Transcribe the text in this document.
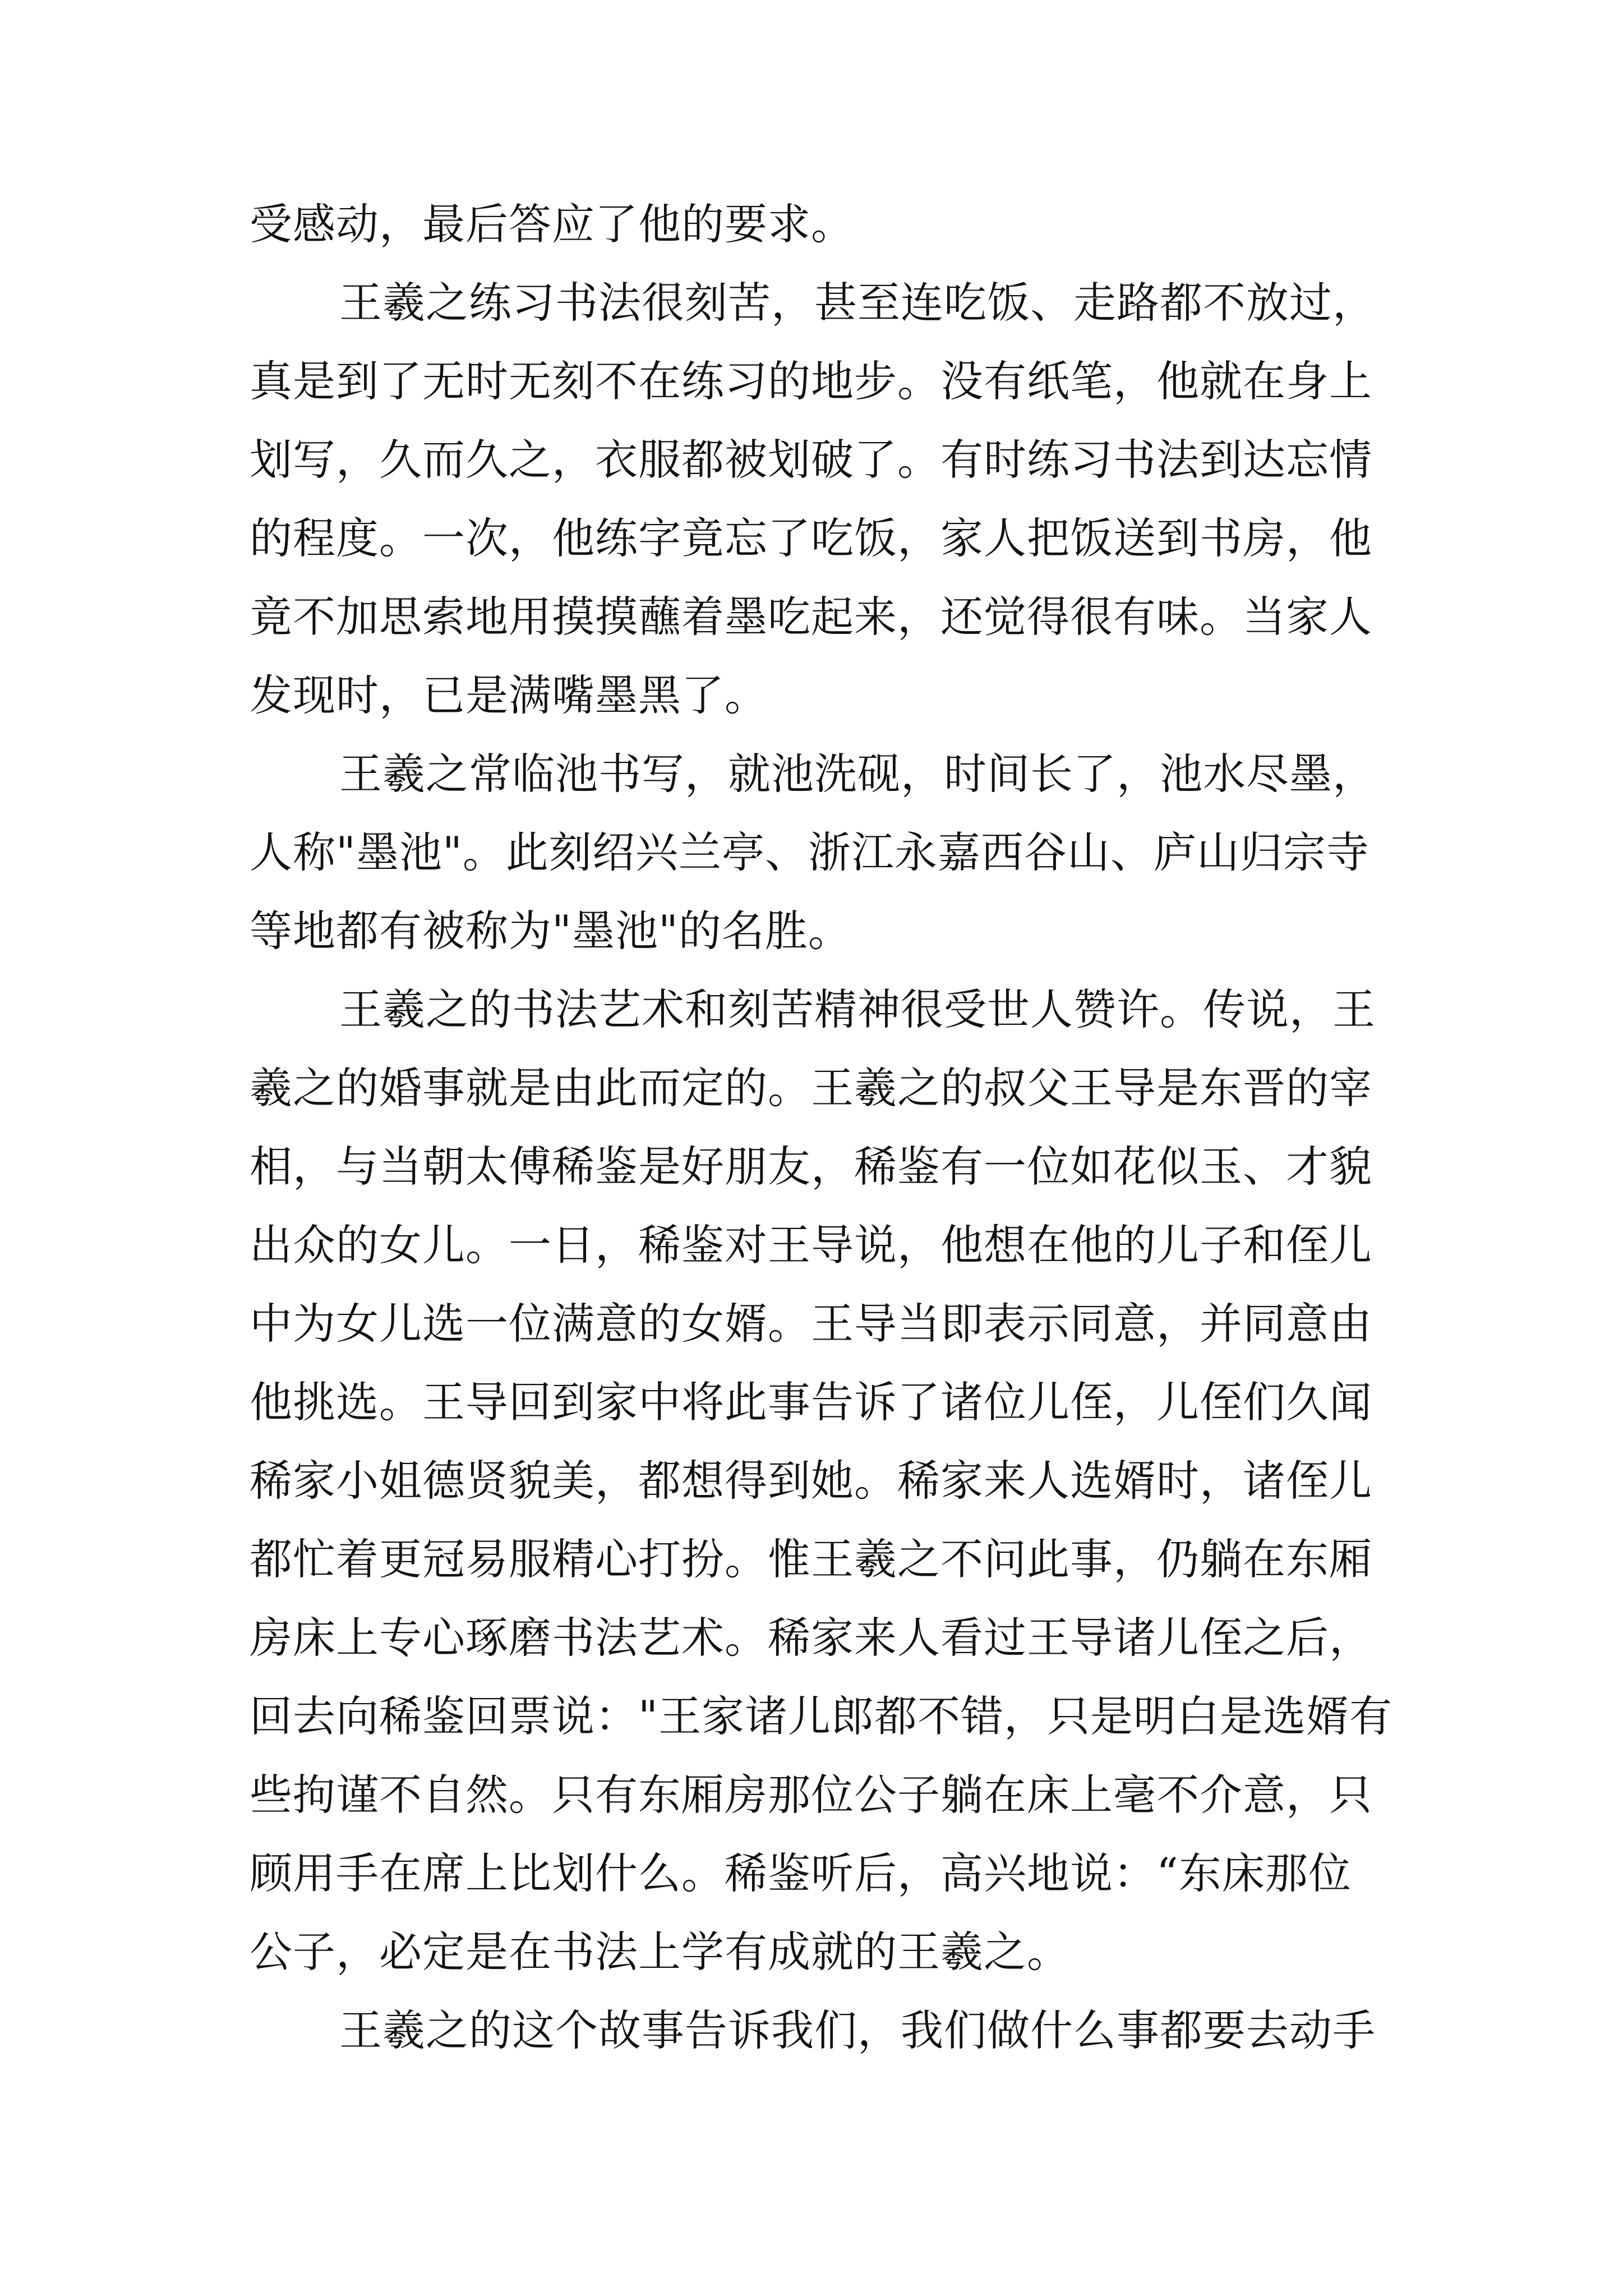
受感动，最后答应了他的要求。
王羲之练习书法很刻苦，甚至连吃饭、走路都不放过，
真是到了无时无刻不在练习的地步。没有纸笔，他就在身上
划写，久而久之，衣服都被划破了。有时练习书法到达忘情
的程度。一次，他练字竟忘了吃饭，家人把饭送到书房，他
竟不加思索地用摸摸蘸着墨吃起来，还觉得很有味。当家人
发现时，已是满嘴墨黑了。
王羲之常临池书写，就池洗砚，时间长了，池水尽墨，
人称"墨池"。此刻绍兴兰亭、浙江永嘉西谷山、庐山归宗寺
等地都有被称为"墨池"的名胜。
王羲之的书法艺术和刻苦精神很受世人赞许。传说，王
羲之的婚事就是由此而定的。王羲之的叔父王导是东晋的宰
相，与当朝太傅稀鉴是好朋友，稀鉴有一位如花似玉、才貌
出众的女儿。一日，稀鉴对王导说，他想在他的儿子和侄儿
中为女儿选一位满意的女婿。王导当即表示同意，并同意由
他挑选。王导回到家中将此事告诉了诸位儿侄，儿侄们久闻
稀家小姐德贤貌美，都想得到她。稀家来人选婿时，诸侄儿
都忙着更冠易服精心打扮。惟王羲之不问此事，仍躺在东厢
房床上专心琢磨书法艺术。稀家来人看过王导诸儿侄之后，
回去向稀鉴回票说："王家诸儿郎都不错，只是明白是选婿有
些拘谨不自然。只有东厢房那位公子躺在床上毫不介意，只
顾用手在席上比划什么。稀鉴听后，高兴地说：“东床那位
公子，必定是在书法上学有成就的王羲之。
王羲之的这个故事告诉我们，我们做什么事都要去动手
